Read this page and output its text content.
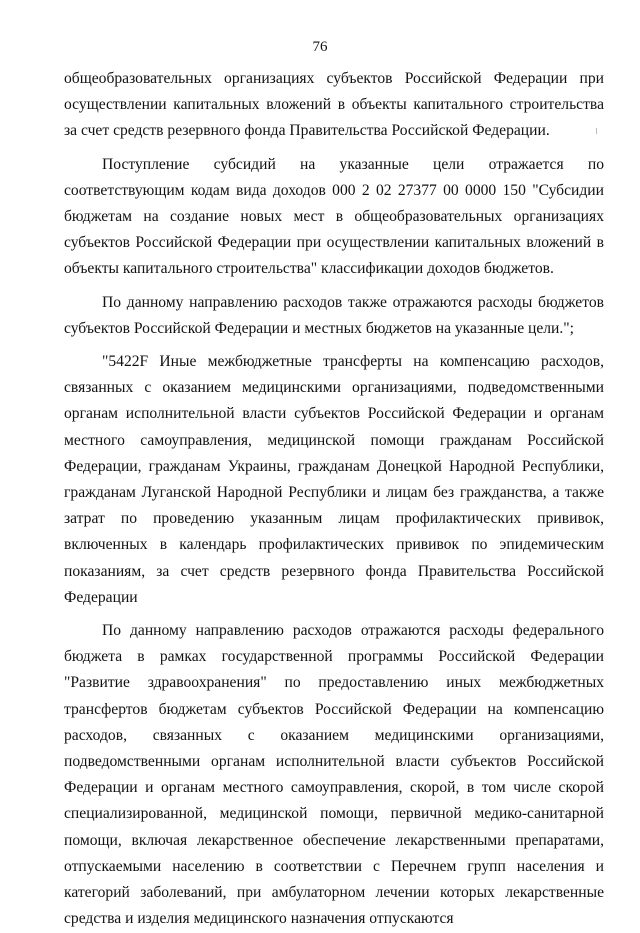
76

общеобразовательных организациях субъектов Российской Федерации при осуществлении капитальных вложений в объекты капитального строительства за счет средств резервного фонда Правительства Российской Федерации.

Поступление субсидий на указанные цели отражается по соответствующим кодам вида доходов 000 2 02 27377 00 0000 150 "Субсидии бюджетам на создание новых мест в общеобразовательных организациях субъектов Российской Федерации при осуществлении капитальных вложений в объекты капитального строительства" классификации доходов бюджетов.

По данному направлению расходов также отражаются расходы бюджетов субъектов Российской Федерации и местных бюджетов на указанные цели.";

"5422F Иные межбюджетные трансферты на компенсацию расходов, связанных с оказанием медицинскими организациями, подведомственными органам исполнительной власти субъектов Российской Федерации и органам местного самоуправления, медицинской помощи гражданам Российской Федерации, гражданам Украины, гражданам Донецкой Народной Республики, гражданам Луганской Народной Республики и лицам без гражданства, а также затрат по проведению указанным лицам профилактических прививок, включенных в календарь профилактических прививок по эпидемическим показаниям, за счет средств резервного фонда Правительства Российской Федерации

По данному направлению расходов отражаются расходы федерального бюджета в рамках государственной программы Российской Федерации "Развитие здравоохранения" по предоставлению иных межбюджетных трансфертов бюджетам субъектов Российской Федерации на компенсацию расходов, связанных с оказанием медицинскими организациями, подведомственными органам исполнительной власти субъектов Российской Федерации и органам местного самоуправления, скорой, в том числе скорой специализированной, медицинской помощи, первичной медико-санитарной помощи, включая лекарственное обеспечение лекарственными препаратами, отпускаемыми населению в соответствии с Перечнем групп населения и категорий заболеваний, при амбулаторном лечении которых лекарственные средства и изделия медицинского назначения отпускаются
